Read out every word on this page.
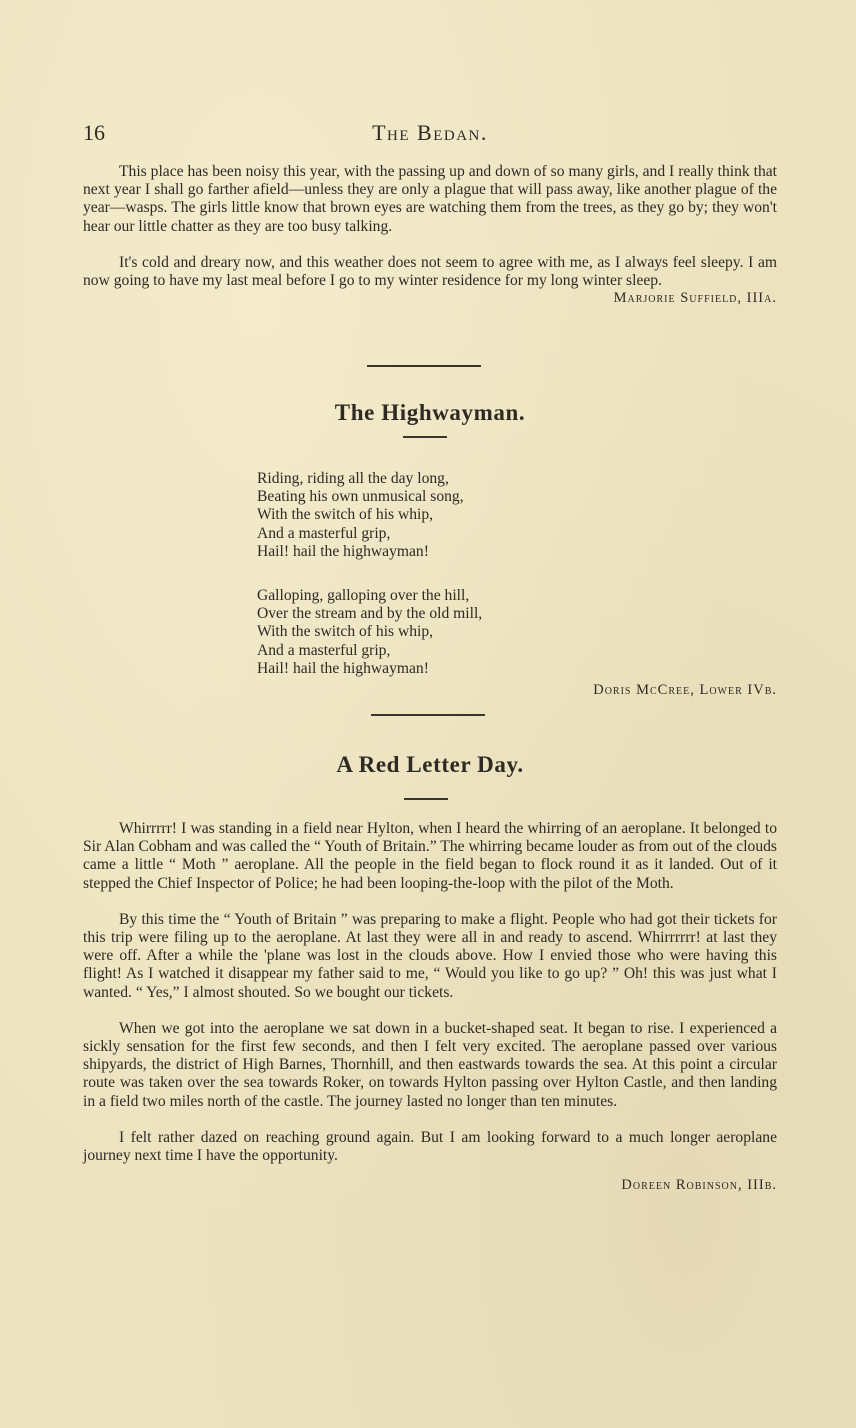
16	The Bedan.

This place has been noisy this year, with the passing up and down of so many girls, and I really think that next year I shall go farther afield—unless they are only a plague that will pass away, like another plague of the year—wasps. The girls little know that brown eyes are watching them from the trees, as they go by; they won't hear our little chatter as they are too busy talking.

It's cold and dreary now, and this weather does not seem to agree with me, as I always feel sleepy. I am now going to have my last meal before I go to my winter residence for my long winter sleep.

Marjorie Suffield, IIIa.
The Highwayman.
Riding, riding all the day long,
Beating his own unmusical song,
With the switch of his whip,
And a masterful grip,
Hail! hail the highwayman!
Galloping, galloping over the hill,
Over the stream and by the old mill,
With the switch of his whip,
And a masterful grip,
Hail! hail the highwayman!
Doris McCree, Lower IVb.
A Red Letter Day.

Whirrrrr! I was standing in a field near Hylton, when I heard the whirring of an aeroplane. It belonged to Sir Alan Cobham and was called the “ Youth of Britain.” The whirring became louder as from out of the clouds came a little “ Moth ” aeroplane. All the people in the field began to flock round it as it landed. Out of it stepped the Chief Inspector of Police; he had been looping-the-loop with the pilot of the Moth.

By this time the “ Youth of Britain ” was preparing to make a flight. People who had got their tickets for this trip were filing up to the aeroplane. At last they were all in and ready to ascend. Whirrrrrr! at last they were off. After a while the 'plane was lost in the clouds above. How I envied those who were having this flight! As I watched it disappear my father said to me, “ Would you like to go up? ” Oh! this was just what I wanted. “ Yes,” I almost shouted. So we bought our tickets.

When we got into the aeroplane we sat down in a bucket-shaped seat. It began to rise. I experienced a sickly sensation for the first few seconds, and then I felt very excited. The aeroplane passed over various shipyards, the district of High Barnes, Thornhill, and then eastwards towards the sea. At this point a circular route was taken over the sea towards Roker, on towards Hylton passing over Hylton Castle, and then landing in a field two miles north of the castle. The journey lasted no longer than ten minutes.

I felt rather dazed on reaching ground again. But I am looking forward to a much longer aeroplane journey next time I have the opportunity.

Doreen Robinson, IIIb.
